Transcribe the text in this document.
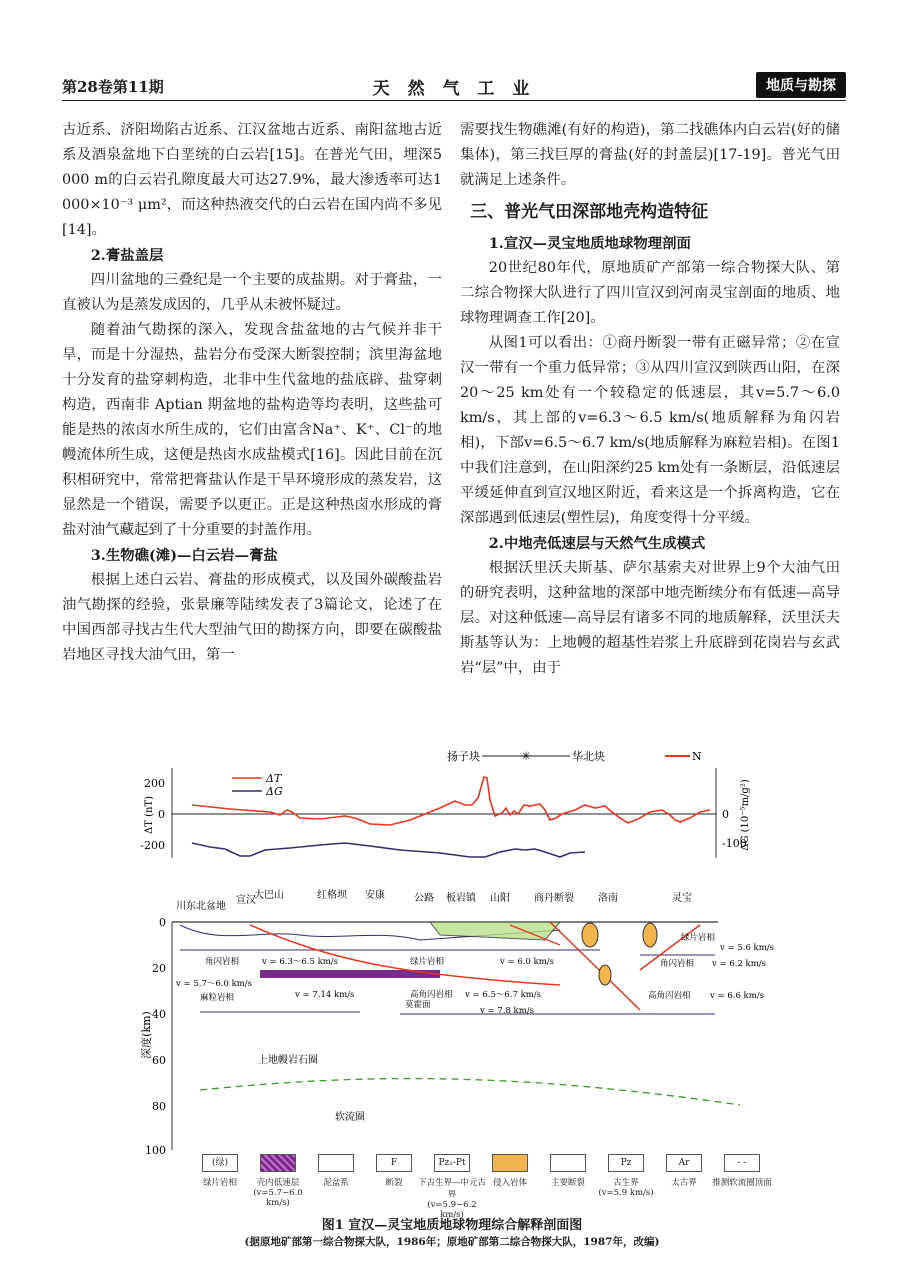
第28卷第11期	天 然 气 工 业	地质与勘探

古近系、济阳坳陷古近系、江汉盆地古近系、南阳盆地古近系及酒泉盆地下白垩统的白云岩[15]。在普光气田，埋深5 000 m的白云岩孔隙度最大可达27.9%，最大渗透率可达1 000×10⁻³ μm²，而这种热液交代的白云岩在国内尚不多见[14]。

2.膏盐盖层

四川盆地的三叠纪是一个主要的成盐期。对于膏盐，一直被认为是蒸发成因的，几乎从未被怀疑过。

随着油气勘探的深入，发现含盐盆地的古气候并非干旱，而是十分湿热，盐岩分布受深大断裂控制；滨里海盆地十分发育的盐穿刺构造，北非中生代盆地的盐底辟、盐穿刺构造，西南非 Aptian 期盆地的盐构造等均表明，这些盐可能是热的浓卤水所生成的，它们由富含Na⁺、K⁺、Cl⁻的地幔流体所生成，这便是热卤水成盐模式[16]。因此目前在沉积相研究中，常常把膏盐认作是干旱环境形成的蒸发岩，这显然是一个错误，需要予以更正。正是这种热卤水形成的膏盐对油气藏起到了十分重要的封盖作用。

3.生物礁(滩)—白云岩—膏盐

根据上述白云岩、膏盐的形成模式，以及国外碳酸盐岩油气勘探的经验，张景廉等陆续发表了3篇论文，论述了在中国西部寻找古生代大型油气田的勘探方向，即要在碳酸盐岩地区寻找大油气田，第一

需要找生物礁滩(有好的构造)，第二找礁体内白云岩(好的储集体)，第三找巨厚的膏盐(好的封盖层)[17-19]。普光气田就满足上述条件。

三、普光气田深部地壳构造特征
1.宣汉—灵宝地质地球物理剖面

20世纪80年代，原地质矿产部第一综合物探大队、第二综合物探大队进行了四川宣汉到河南灵宝剖面的地质、地球物理调查工作[20]。

从图1可以看出：①商丹断裂一带有正磁异常；②在宣汉一带有一个重力低异常；③从四川宣汉到陕西山阳，在深20～25 km处有一个较稳定的低速层，其v=5.7～6.0 km/s，其上部的v=6.3～6.5 km/s(地质解释为角闪岩相)，下部v=6.5～6.7 km/s(地质解释为麻粒岩相)。在图1中我们注意到，在山阳深约25 km处有一条断层，沿低速层平缓延伸直到宣汉地区附近，看来这是一个拆离构造，它在深部遇到低速层(塑性层)，角度变得十分平缓。

2.中地壳低速层与天然气生成模式

根据沃里沃夫斯基、萨尔基索夫对世界上9个大油气田的研究表明，这种盆地的深部中地壳断续分布有低速—高导层。对这种低速—高导层有诸多不同的地质解释，沃里沃夫斯基等认为：上地幔的超基性岩浆上升底辟到花岗岩与玄武岩“层”中，由于

200
0
-200
0
-100
ΔT (nT)	ΔG (10⁻⁵m/g²)
ΔT
ΔG
扬子块	✳	华北块	N
0
20
40
60
80
100
深度(km)
川东北盆地
宣汉
大巴山	红格坝 安康	公路 板岩镇 山阳 商丹断裂 洛南	灵宝
角闪岩相	v = 6.3～6.5 km/s	绿片岩相	v = 6.0 km/s
v = 5.7～6.0 km/s
麻粒岩相	v = 7.14 km/s	高角闪岩相 v = 6.5～6.7 km/s
莫霍面
v = 7.8 km/s
绿片岩相
v = 5.6 km/s
角闪岩相 v = 6.2 km/s
高角闪岩相 v = 6.6 km/s
上地幔岩石圈
软流圈
(绿)
绿片岩相	壳内低速层
(v=5.7~6.0 km/s)
泥盆系
F
断裂
Pz₁-Pt
下古生界—中元古界
(v=5.9~6.2 km/s)
侵入岩体	主要断裂
Pz
古生界
(v=5.9 km/s)
Ar
太古界
- -
推测软流圈顶面
图1 宣汉—灵宝地质地球物理综合解释剖面图
(据原地矿部第一综合物探大队，1986年；原地矿部第二综合物探大队，1987年，改编)
